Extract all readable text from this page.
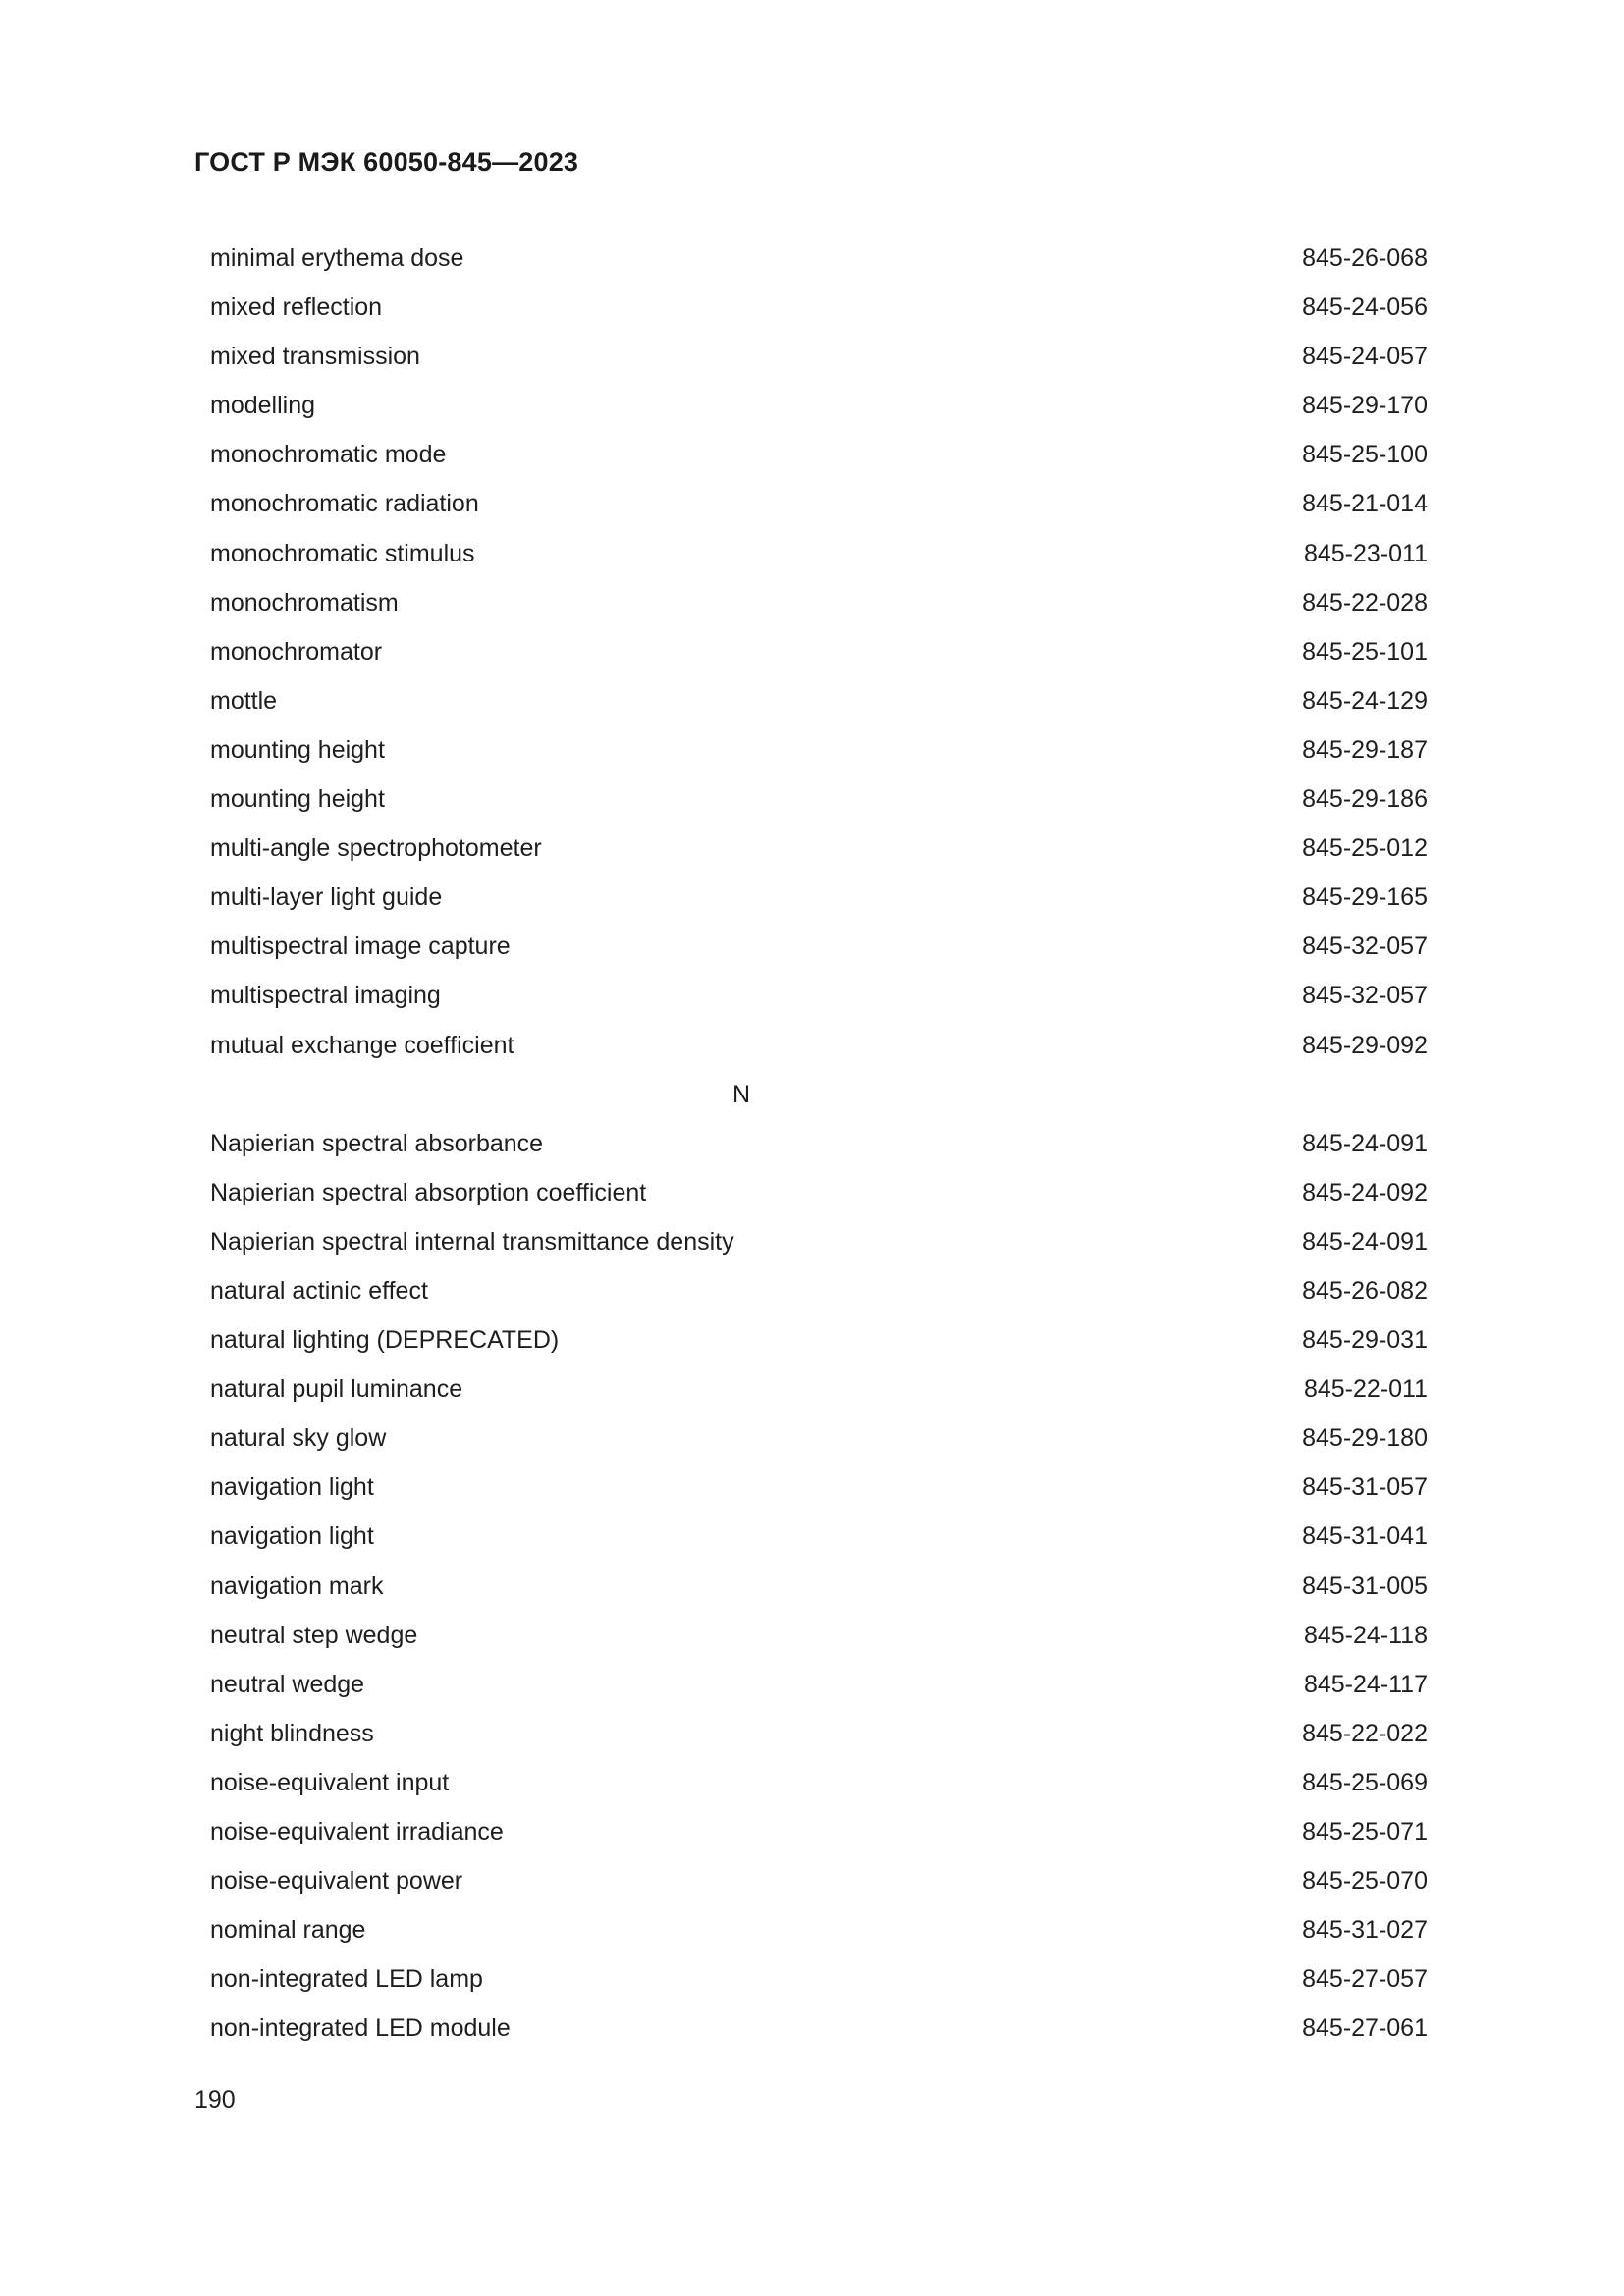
ГОСТ Р МЭК 60050-845—2023
minimal erythema dose	845-26-068
mixed reflection	845-24-056
mixed transmission	845-24-057
modelling	845-29-170
monochromatic mode	845-25-100
monochromatic radiation	845-21-014
monochromatic stimulus	845-23-011
monochromatism	845-22-028
monochromator	845-25-101
mottle	845-24-129
mounting height	845-29-187
mounting height	845-29-186
multi-angle spectrophotometer	845-25-012
multi-layer light guide	845-29-165
multispectral image capture	845-32-057
multispectral imaging	845-32-057
mutual exchange coefficient	845-29-092
N
Napierian spectral absorbance	845-24-091
Napierian spectral absorption coefficient	845-24-092
Napierian spectral internal transmittance density	845-24-091
natural actinic effect	845-26-082
natural lighting (DEPRECATED)	845-29-031
natural pupil luminance	845-22-011
natural sky glow	845-29-180
navigation light	845-31-057
navigation light	845-31-041
navigation mark	845-31-005
neutral step wedge	845-24-118
neutral wedge	845-24-117
night blindness	845-22-022
noise-equivalent input	845-25-069
noise-equivalent irradiance	845-25-071
noise-equivalent power	845-25-070
nominal range	845-31-027
non-integrated LED lamp	845-27-057
non-integrated LED module	845-27-061
190
